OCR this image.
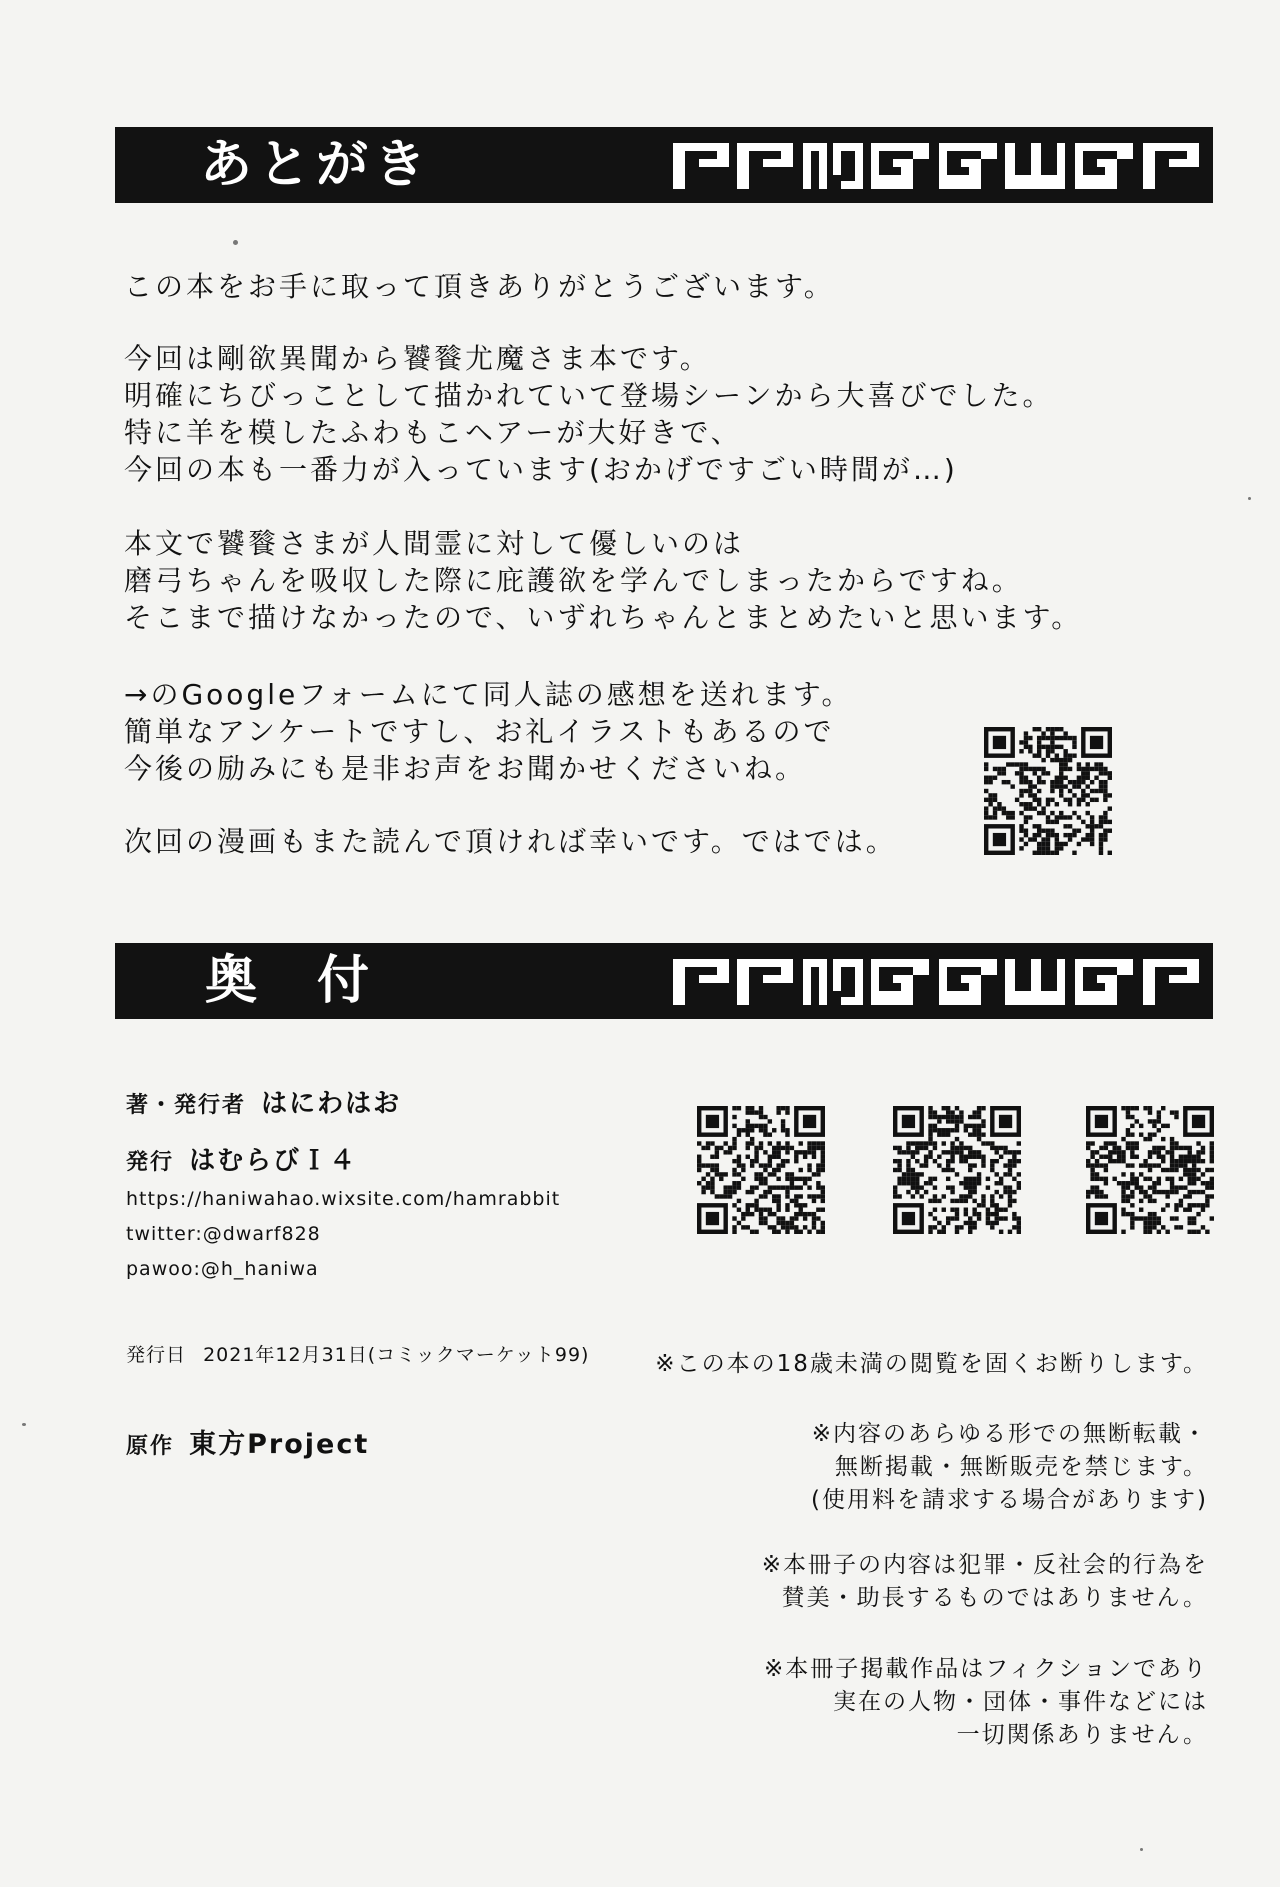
あとがき
この本をお手に取って頂きありがとうございます。
今回は剛欲異聞から饕餮尤魔さま本です。
明確にちびっことして描かれていて登場シーンから大喜びでした。
特に羊を模したふわもこヘアーが大好きで、
今回の本も一番力が入っています(おかげですごい時間が…)
本文で饕餮さまが人間霊に対して優しいのは
磨弓ちゃんを吸収した際に庇護欲を学んでしまったからですね。
そこまで描けなかったので、いずれちゃんとまとめたいと思います。
→のGoogleフォームにて同人誌の感想を送れます。
簡単なアンケートですし、お礼イラストもあるので
今後の励みにも是非お声をお聞かせくださいね。
次回の漫画もまた読んで頂ければ幸いです。ではでは。
奥付
著・発行者 はにわはお
発行 はむらびＩ４
https://haniwahao.wixsite.com/hamrabbit
twitter:@dwarf828
pawoo:@h_haniwa
発行日 2021年12月31日(コミックマーケット99)
原作 東方Project
※この本の18歳未満の閲覧を固くお断りします。
※内容のあらゆる形での無断転載・
無断掲載・無断販売を禁じます。
(使用料を請求する場合があります)
※本冊子の内容は犯罪・反社会的行為を
賛美・助長するものではありません。
※本冊子掲載作品はフィクションであり
実在の人物・団体・事件などには
一切関係ありません。
